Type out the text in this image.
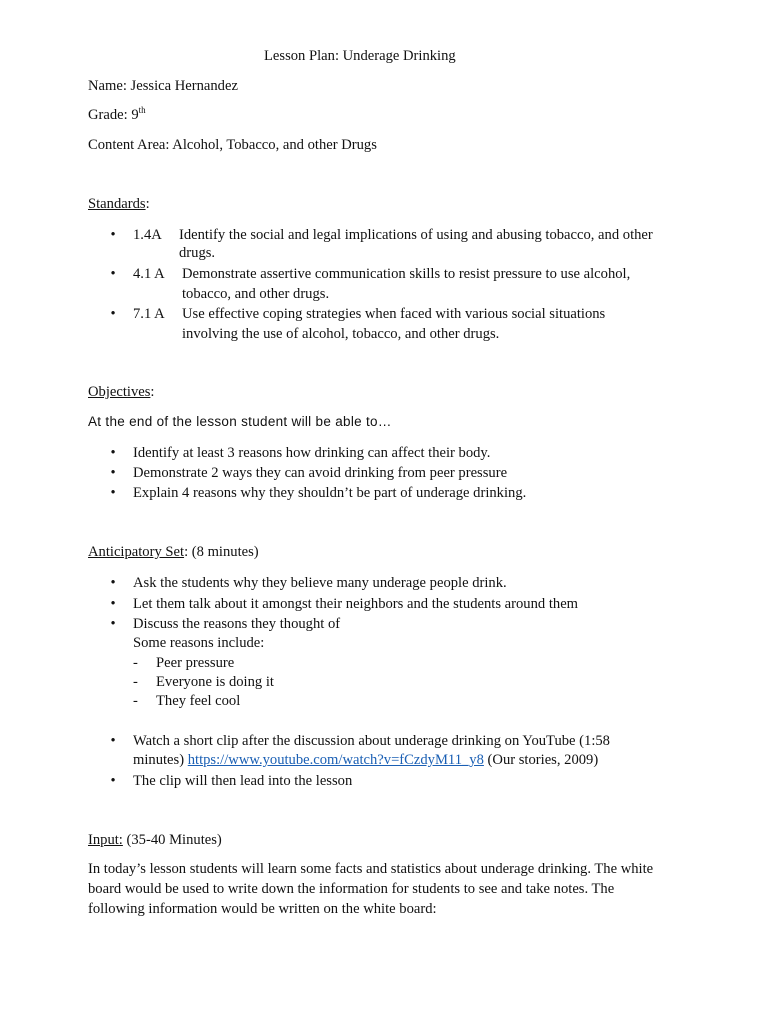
Lesson Plan: Underage Drinking
Name: Jessica Hernandez
Grade: 9th
Content Area: Alcohol, Tobacco, and other Drugs
Standards:
• 1.4A Identify the social and legal implications of using and abusing tobacco, and other
drugs.
• 4.1 A Demonstrate assertive communication skills to resist pressure to use alcohol,
tobacco, and other drugs.
• 7.1 A Use effective coping strategies when faced with various social situations
involving the use of alcohol, tobacco, and other drugs.
Objectives:
At the end of the lesson student will be able to…
• Identify at least 3 reasons how drinking can affect their body.
• Demonstrate 2 ways they can avoid drinking from peer pressure
• Explain 4 reasons why they shouldn’t be part of underage drinking.
Anticipatory Set: (8 minutes)
• Ask the students why they believe many underage people drink.
• Let them talk about it amongst their neighbors and the students around them
• Discuss the reasons they thought of
Some reasons include:
- Peer pressure
- Everyone is doing it
- They feel cool
• Watch a short clip after the discussion about underage drinking on YouTube (1:58
minutes) https://www.youtube.com/watch?v=fCzdyM11_y8 (Our stories, 2009)
• The clip will then lead into the lesson
Input: (35-40 Minutes)
In today’s lesson students will learn some facts and statistics about underage drinking. The white
board would be used to write down the information for students to see and take notes. The
following information would be written on the white board:
